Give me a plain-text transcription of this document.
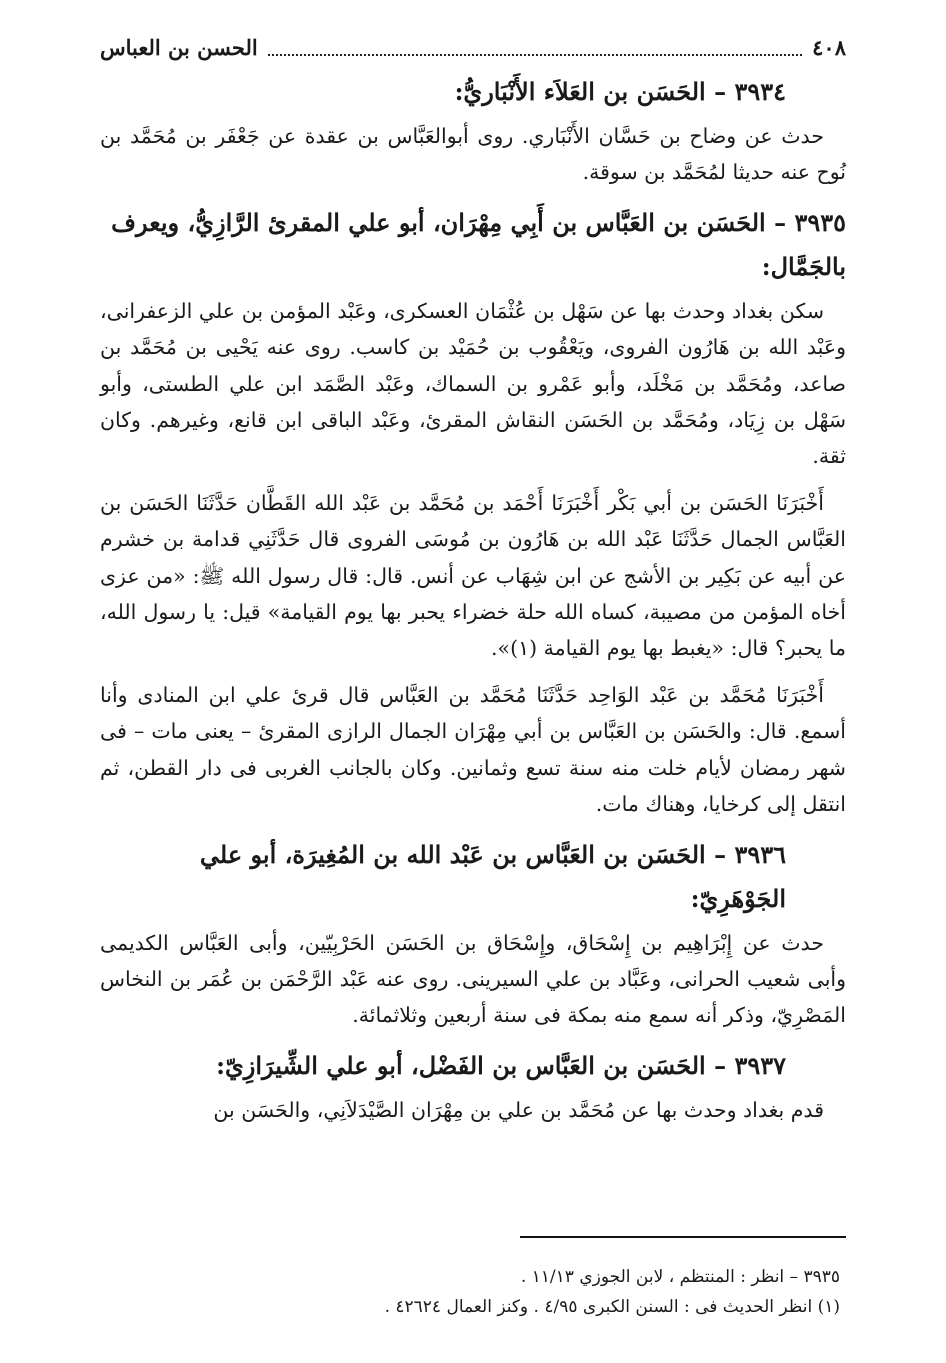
٤٠٨
الحسن بن العباس
٣٩٣٤ – الحَسَن بن العَلاَء الأَنْبَاريُّ:

حدث عن وضاح بن حَسَّان الأَنْبَاري. روى أبوالعَبَّاس بن عقدة عن جَعْفَر بن مُحَمَّد بن نُوح عنه حديثا لمُحَمَّد بن سوقة.

٣٩٣٥ – الحَسَن بن العَبَّاس بن أَبِي مِهْرَان، أبو علي المقرئ الرَّازِيُّ، ويعرف بالجَمَّال:

سكن بغداد وحدث بها عن سَهْل بن عُثْمَان العسكرى، وعَبْد المؤمن بن علي الزعفرانى، وعَبْد الله بن هَارُون الفروى، ويَعْقُوب بن حُمَيْد بن كاسب. روى عنه يَحْيى بن مُحَمَّد بن صاعد، ومُحَمَّد بن مَخْلَد، وأبو عَمْرو بن السماك، وعَبْد الصَّمَد ابن علي الطستى، وأبو سَهْل بن زِيَاد، ومُحَمَّد بن الحَسَن النقاش المقرئ، وعَبْد الباقى ابن قانع، وغيرهم. وكان ثقة.

أَخْبَرَنَا الحَسَن بن أبي بَكْر أَخْبَرَنَا أَحْمَد بن مُحَمَّد بن عَبْد الله القَطَّان حَدَّثَنَا الحَسَن بن العَبَّاس الجمال حَدَّثَنَا عَبْد الله بن هَارُون بن مُوسَى الفروى قال حَدَّثَنِي قدامة بن خشرم عن أبيه عن بَكِير بن الأشج عن ابن شِهَاب عن أنس. قال: قال رسول الله ﷺ: «من عزى أخاه المؤمن من مصيبة، كساه الله حلة خضراء يحبر بها يوم القيامة» قيل: يا رسول الله، ما يحبر؟ قال: «يغبط بها يوم القيامة (١)».

أَخْبَرَنَا مُحَمَّد بن عَبْد الوَاحِد حَدَّثَنَا مُحَمَّد بن العَبَّاس قال قرئ علي ابن المنادى وأنا أسمع. قال: والحَسَن بن العَبَّاس بن أبي مِهْرَان الجمال الرازى المقرئ – يعنى مات – فى شهر رمضان لأيام خلت منه سنة تسع وثمانين. وكان بالجانب الغربى فى دار القطن، ثم انتقل إلى كرخايا، وهناك مات.

٣٩٣٦ – الحَسَن بن العَبَّاس بن عَبْد الله بن المُغِيرَة، أبو علي الجَوْهَرِيّ:

حدث عن إِبْرَاهِيم بن إِسْحَاق، وإِسْحَاق بن الحَسَن الحَرْبِيّين، وأبى العَبَّاس الكديمى وأبى شعيب الحرانى، وعَبَّاد بن علي السيرينى. روى عنه عَبْد الرَّحْمَن بن عُمَر بن النخاس المَصْرِيّ، وذكر أنه سمع منه بمكة فى سنة أربعين وثلاثمائة.

٣٩٣٧ – الحَسَن بن العَبَّاس بن الفَضْل، أبو علي الشِّيرَازِيّ:

قدم بغداد وحدث بها عن مُحَمَّد بن علي بن مِهْرَان الصَّيْدَلاَنِي، والحَسَن بن

٣٩٣٥ – انظر : المنتظم ، لابن الجوزي ١١/١٣ .
(١) انظر الحديث فى : السنن الكبرى ٤/٩٥ . وكنز العمال ٤٢٦٢٤ .
